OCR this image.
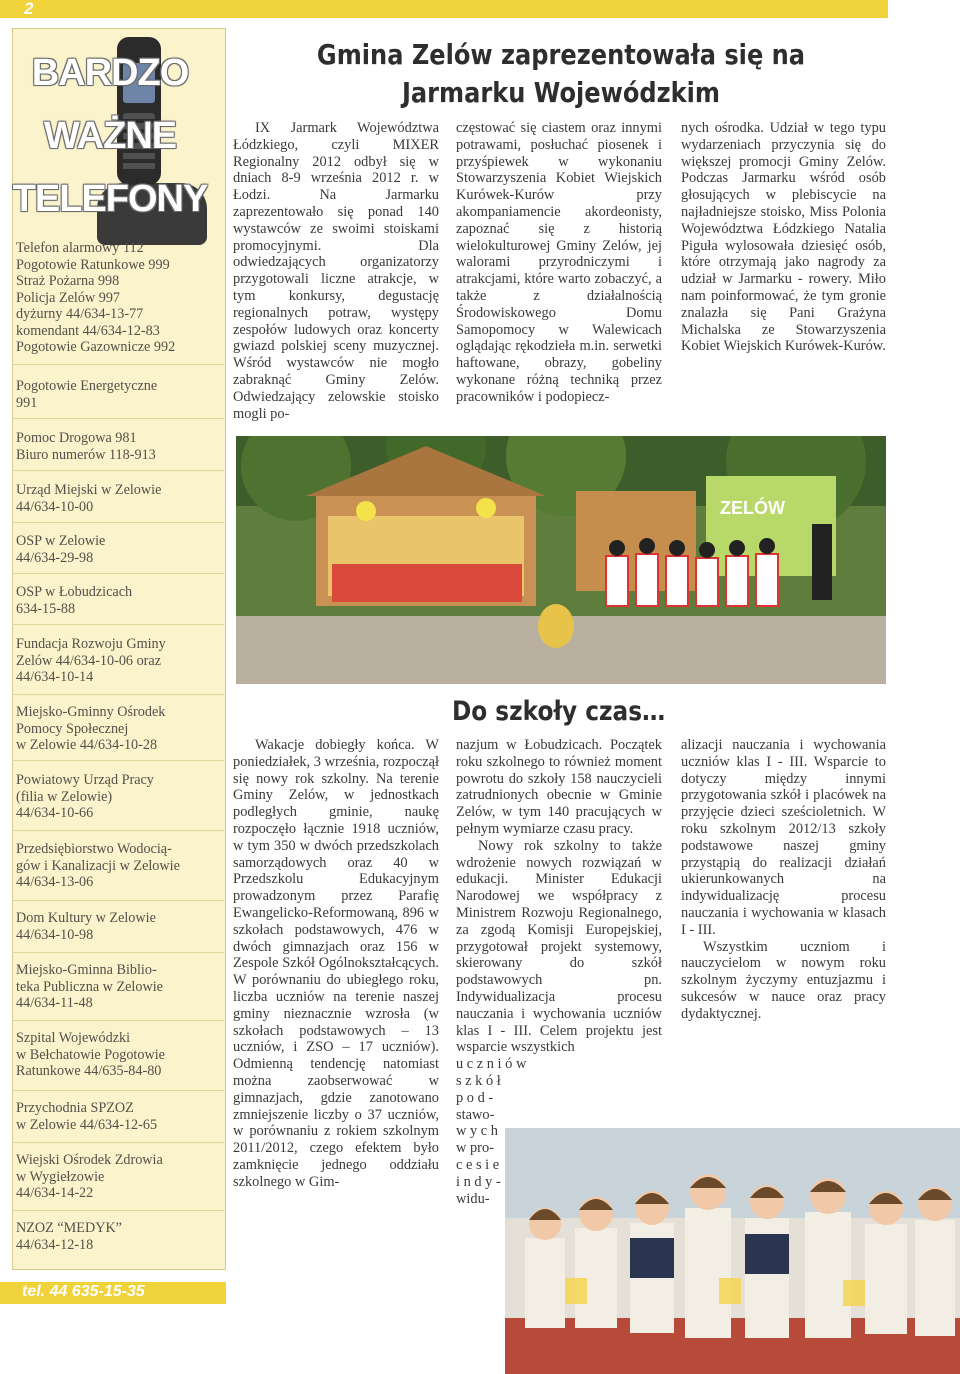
2
BARDZO
WAŻNE
TELEFONY
Telefon alarmowy 112
Pogotowie Ratunkowe 999
Straż Pożarna 998
Policja Zelów 997
dyżurny 44/634-13-77
komendant 44/634-12-83
Pogotowie Gazownicze 992
Pogotowie Energetyczne
991
Pomoc Drogowa 981
Biuro numerów 118-913
Urząd Miejski w Zelowie
44/634-10-00
OSP w Zelowie
44/634-29-98
OSP w Łobudzicach
634-15-88
Fundacja Rozwoju Gminy
Zelów 44/634-10-06 oraz
44/634-10-14
Miejsko-Gminny Ośrodek
Pomocy Społecznej
w Zelowie 44/634-10-28
Powiatowy Urząd Pracy
(filia w Zelowie)
44/634-10-66
Przedsiębiorstwo Wodocią-
gów i Kanalizacji w Zelowie
44/634-13-06
Dom Kultury w Zelowie
44/634-10-98
Miejsko-Gminna Biblio-
teka Publiczna w Zelowie
44/634-11-48
Szpital Wojewódzki
w Bełchatowie Pogotowie
Ratunkowe 44/635-84-80
Przychodnia SPZOZ
w Zelowie 44/634-12-65
Wiejski Ośrodek Zdrowia
w Wygiełzowie
44/634-14-22
NZOZ “MEDYK”
44/634-12-18
tel. 44 635-15-35
Gmina Zelów zaprezentowała się na
Jarmarku Wojewódzkim

IX Jarmark Województwa Łódzkiego, czyli MIXER Regionalny 2012 odbył się w dniach 8-9 września 2012 r. w Łodzi. Na Jarmarku zaprezentowało się ponad 140 wystawców ze swoimi stoiskami promocyjnymi. Dla odwiedzających organizatorzy przygotowali liczne atrakcje, w tym konkursy, degustację regionalnych potraw, występy zespołów ludowych oraz koncerty gwiazd polskiej sceny muzycznej. Wśród wystawców nie mogło zabraknąć Gminy Zelów. Odwiedzający zelowskie stoisko mogli po-

częstować się ciastem oraz innymi potrawami, posłuchać piosenek i przyśpiewek w wykonaniu Stowarzyszenia Kobiet Wiejskich Kurówek-Kurów przy akompaniamencie akordeonisty, zapoznać się z historią wielokulturowej Gminy Zelów, jej walorami przyrodniczymi i atrakcjami, które warto zobaczyć, a także z działalnością Środowiskowego Domu Samopomocy w Walewicach oglądając rękodzieła m.in. serwetki haftowane, obrazy, gobeliny wykonane różną techniką przez pracowników i podopiecz-

nych ośrodka. Udział w tego typu wydarzeniach przyczynia się do większej promocji Gminy Zelów. Podczas Jarmarku wśród osób głosujących w plebiscycie na najładniejsze stoisko, Miss Polonia Województwa Łódzkiego Natalia Piguła wylosowała dziesięć osób, które otrzymają jako nagrody za udział w Jarmarku - rowery. Miło nam poinformować, że tym gronie znalazła się Pani Grażyna Michalska ze Stowarzyszenia Kobiet Wiejskich Kurówek-Kurów.

ZELÓW
Do szkoły czas…

Wakacje dobiegły końca. W poniedziałek, 3 września, rozpoczął się nowy rok szkolny. Na terenie Gminy Zelów, w jednostkach podległych gminie, naukę rozpoczęło łącznie 1918 uczniów, w tym 350 w dwóch przedszkolach samorządowych oraz 40 w Przedszkolu Edukacyjnym prowadzonym przez Parafię Ewangelicko-Reformowaną, 896 w szkołach podstawowych, 476 w dwóch gimnazjach oraz 156 w Zespole Szkół Ogólnokształcących. W porównaniu do ubiegłego roku, liczba uczniów na terenie naszej gminy nieznacznie wzrosła (w szkołach podstawowych – 13 uczniów, i ZSO – 17 uczniów). Odmienną tendencję natomiast można zaobserwować w gimnazjach, gdzie zanotowano zmniejszenie liczby o 37 uczniów, w porównaniu z rokiem szkolnym 2011/2012, czego efektem było zamknięcie jednego oddziału szkolnego w Gim-

nazjum w Łobudzicach. Początek roku szkolnego to również moment powrotu do szkoły 158 nauczycieli zatrudnionych obecnie w Gminie Zelów, w tym 140 pracujących w pełnym wymiarze czasu pracy.

Nowy rok szkolny to także wdrożenie nowych rozwiązań w edukacji. Minister Edukacji Narodowej we współpracy z Ministrem Rozwoju Regionalnego, za zgodą Komisji Europejskiej, przygotował projekt systemowy, skierowany do szkół podstawowych pn. Indywidualizacja procesu nauczania i wychowania uczniów klas I - III. Celem projektu jest wsparcie wszystkich

u c z n i ó w
s z k ó ł
p o d -
stawo-
w y c h
w pro-
c e s i e
i n d y -
widu-

alizacji nauczania i wychowania uczniów klas I - III. Wsparcie to dotyczy między innymi przygotowania szkół i placówek na przyjęcie dzieci sześcioletnich. W roku szkolnym 2012/13 szkoły podstawowe naszej gminy przystąpią do realizacji działań ukierunkowanych na indywidualizację procesu nauczania i wychowania w klasach I - III.

Wszystkim uczniom i nauczycielom w nowym roku szkolnym życzymy entuzjazmu i sukcesów w nauce oraz pracy dydaktycznej.
